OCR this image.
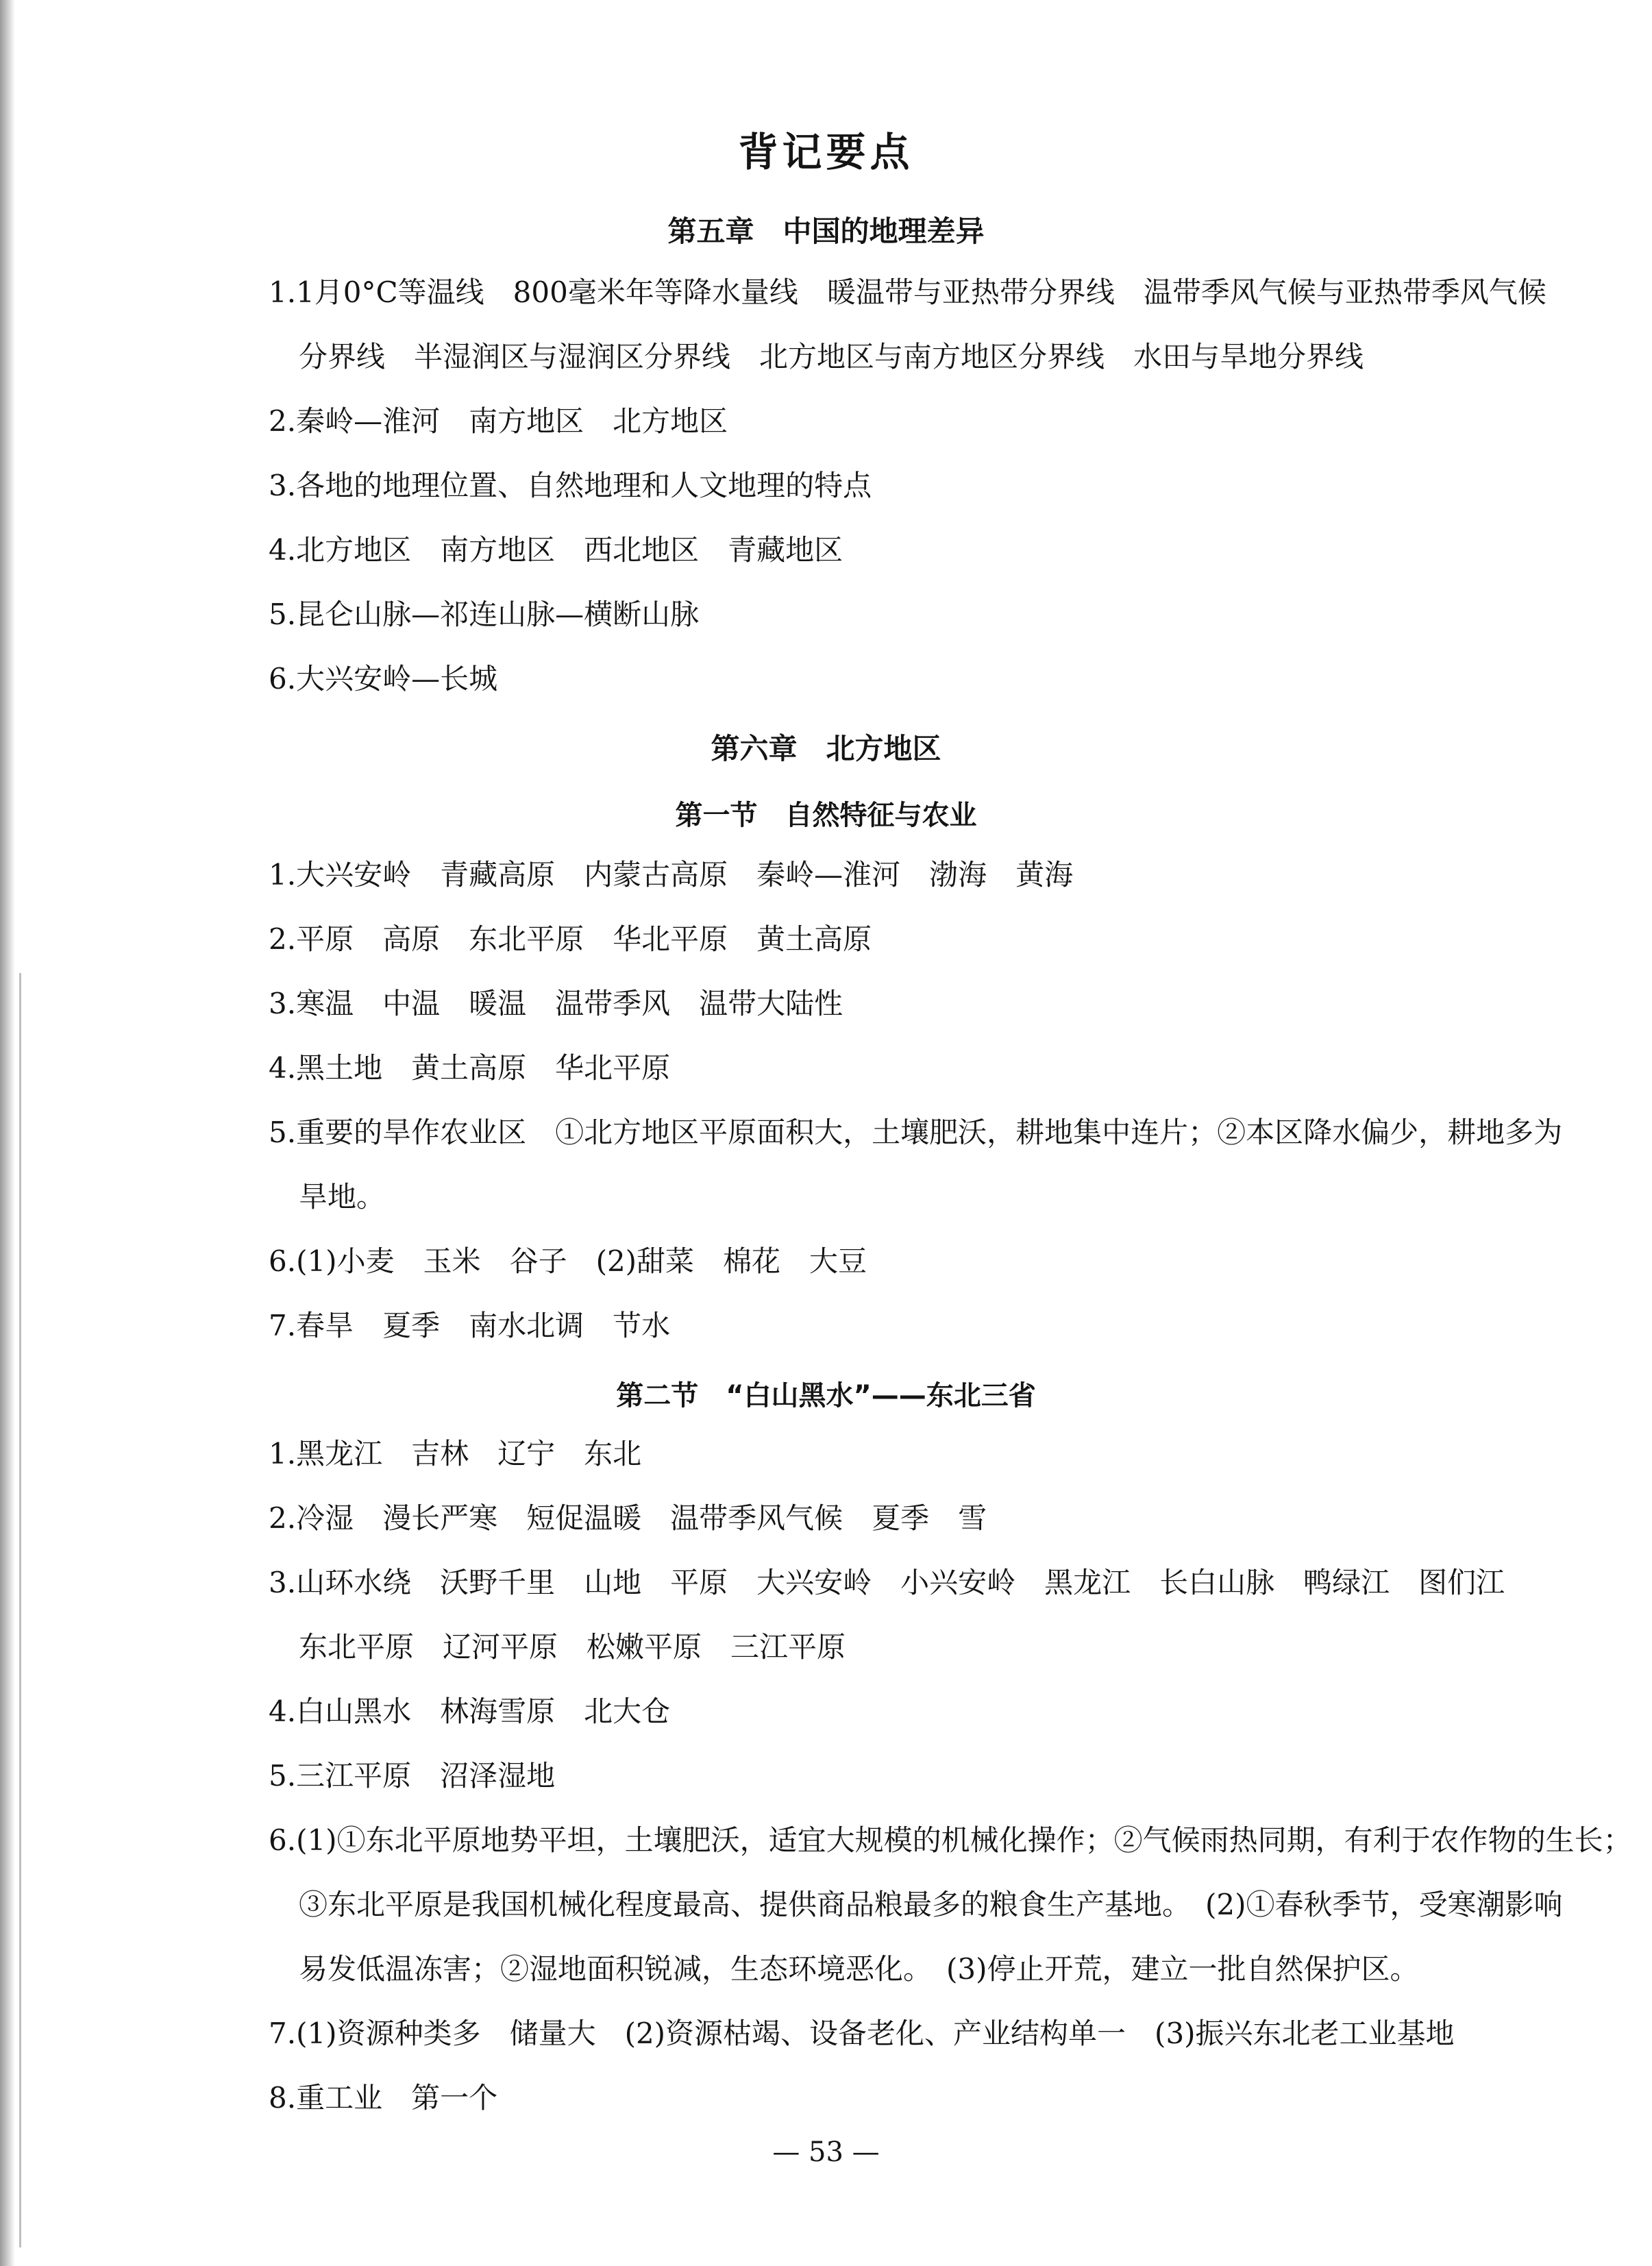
背记要点
第五章　中国的地理差异
1.1月0°C等温线　800毫米年等降水量线　暖温带与亚热带分界线　温带季风气候与亚热带季风气候
分界线　半湿润区与湿润区分界线　北方地区与南方地区分界线　水田与旱地分界线
2.秦岭—淮河　南方地区　北方地区
3.各地的地理位置、自然地理和人文地理的特点
4.北方地区　南方地区　西北地区　青藏地区
5.昆仑山脉—祁连山脉—横断山脉
6.大兴安岭—长城
第六章　北方地区
第一节　自然特征与农业
1.大兴安岭　青藏高原　内蒙古高原　秦岭—淮河　渤海　黄海
2.平原　高原　东北平原　华北平原　黄土高原
3.寒温　中温　暖温　温带季风　温带大陆性
4.黑土地　黄土高原　华北平原
5.重要的旱作农业区　①北方地区平原面积大，土壤肥沃，耕地集中连片；②本区降水偏少，耕地多为
旱地。
6.(1)小麦　玉米　谷子　(2)甜菜　棉花　大豆
7.春旱　夏季　南水北调　节水
第二节　“白山黑水”——东北三省
1.黑龙江　吉林　辽宁　东北
2.冷湿　漫长严寒　短促温暖　温带季风气候　夏季　雪
3.山环水绕　沃野千里　山地　平原　大兴安岭　小兴安岭　黑龙江　长白山脉　鸭绿江　图们江
东北平原　辽河平原　松嫩平原　三江平原
4.白山黑水　林海雪原　北大仓
5.三江平原　沼泽湿地
6.(1)①东北平原地势平坦，土壤肥沃，适宜大规模的机械化操作；②气候雨热同期，有利于农作物的生长；
③东北平原是我国机械化程度最高、提供商品粮最多的粮食生产基地。　(2)①春秋季节，受寒潮影响
易发低温冻害；②湿地面积锐减，生态环境恶化。　(3)停止开荒，建立一批自然保护区。
7.(1)资源种类多　储量大　(2)资源枯竭、设备老化、产业结构单一　(3)振兴东北老工业基地
8.重工业　第一个
— 53 —
